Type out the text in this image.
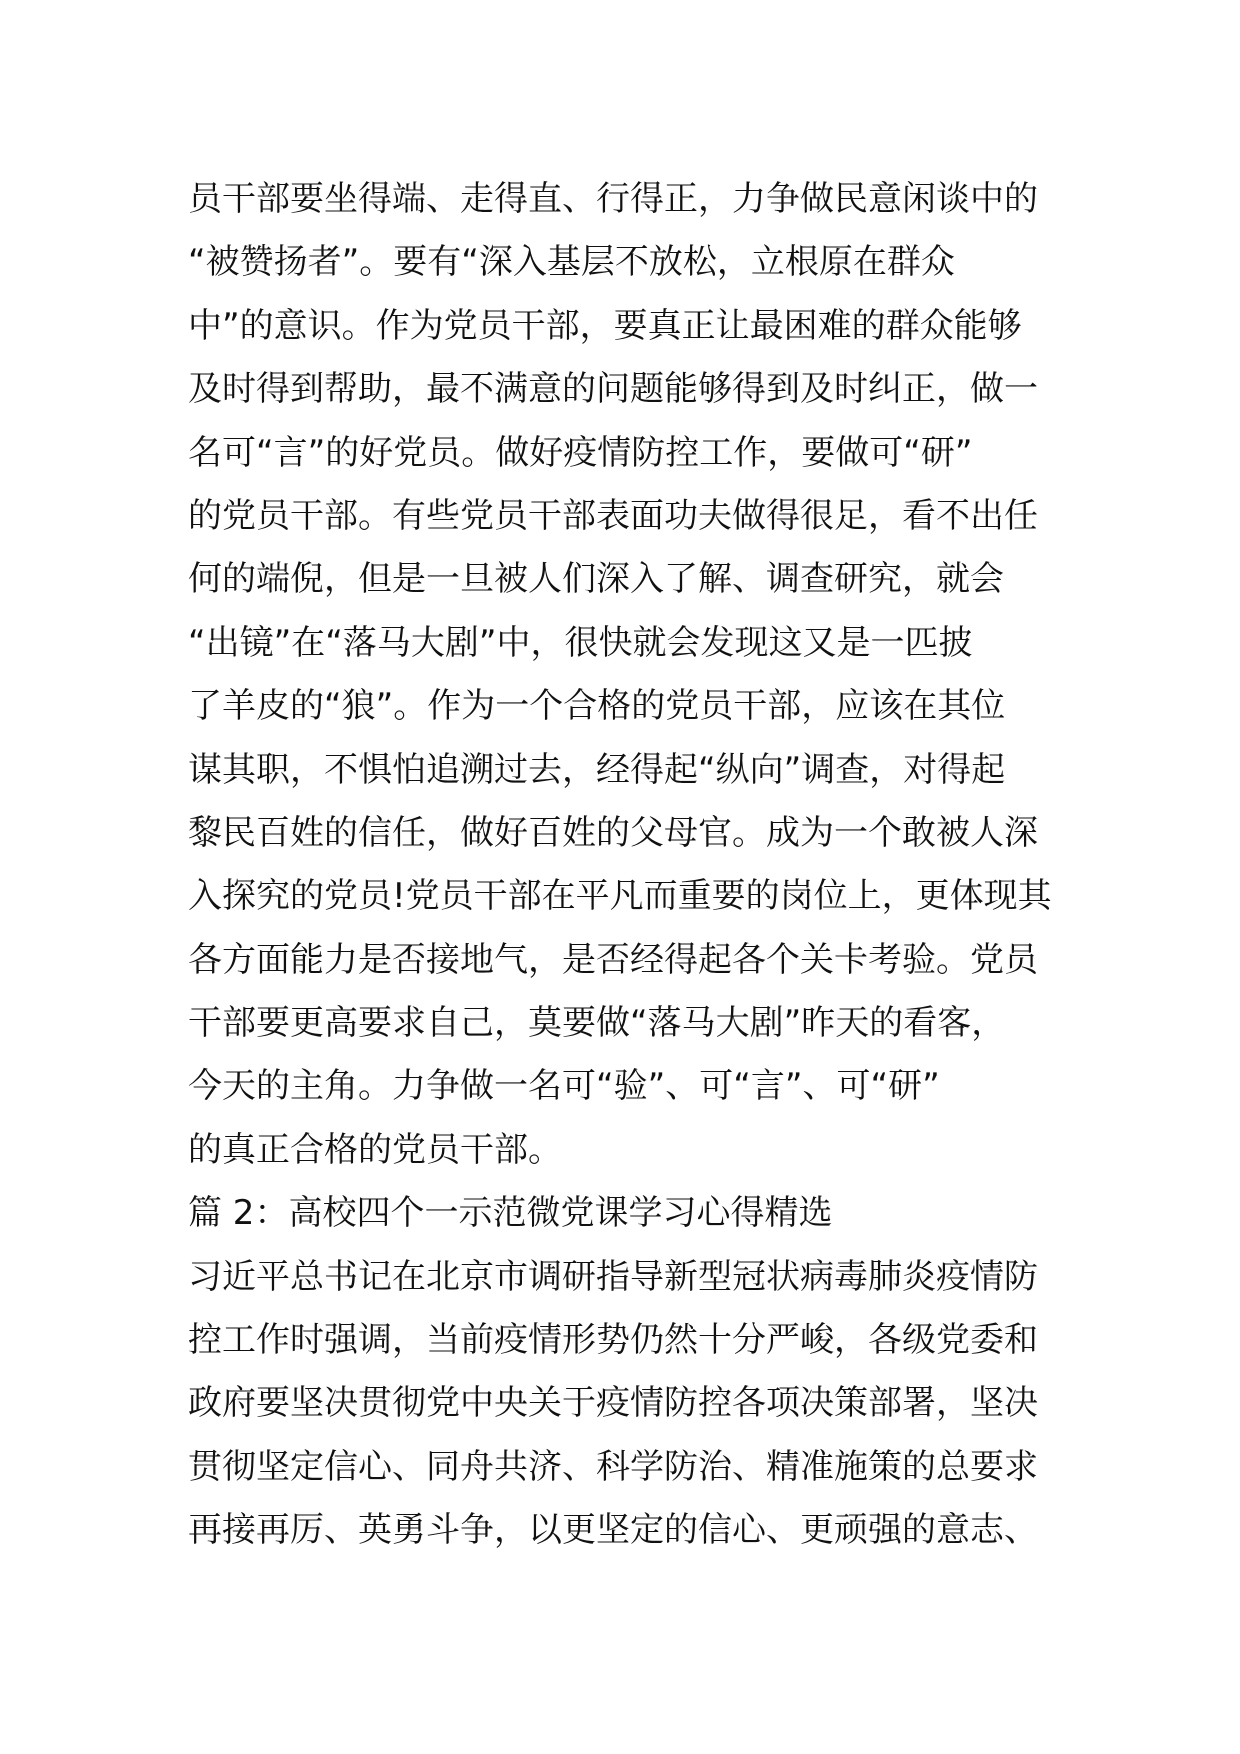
员干部要坐得端、走得直、行得正，力争做民意闲谈中的
“被赞扬者”。要有“深入基层不放松，立根原在群众
中”的意识。作为党员干部，要真正让最困难的群众能够
及时得到帮助，最不满意的问题能够得到及时纠正，做一
名可“言”的好党员。做好疫情防控工作，要做可“研”
的党员干部。有些党员干部表面功夫做得很足，看不出任
何的端倪，但是一旦被人们深入了解、调查研究，就会
“出镜”在“落马大剧”中，很快就会发现这又是一匹披
了羊皮的“狼”。作为一个合格的党员干部，应该在其位
谋其职，不惧怕追溯过去，经得起“纵向”调查，对得起
黎民百姓的信任，做好百姓的父母官。成为一个敢被人深
入探究的党员!党员干部在平凡而重要的岗位上，更体现其
各方面能力是否接地气，是否经得起各个关卡考验。党员
干部要更高要求自己，莫要做“落马大剧”昨天的看客，
今天的主角。力争做一名可“验”、可“言”、可“研”
的真正合格的党员干部。
篇 2：高校四个一示范微党课学习心得精选
习近平总书记在北京市调研指导新型冠状病毒肺炎疫情防
控工作时强调，当前疫情形势仍然十分严峻，各级党委和
政府要坚决贯彻党中央关于疫情防控各项决策部署，坚决
贯彻坚定信心、同舟共济、科学防治、精准施策的总要求
再接再厉、英勇斗争，以更坚定的信心、更顽强的意志、
